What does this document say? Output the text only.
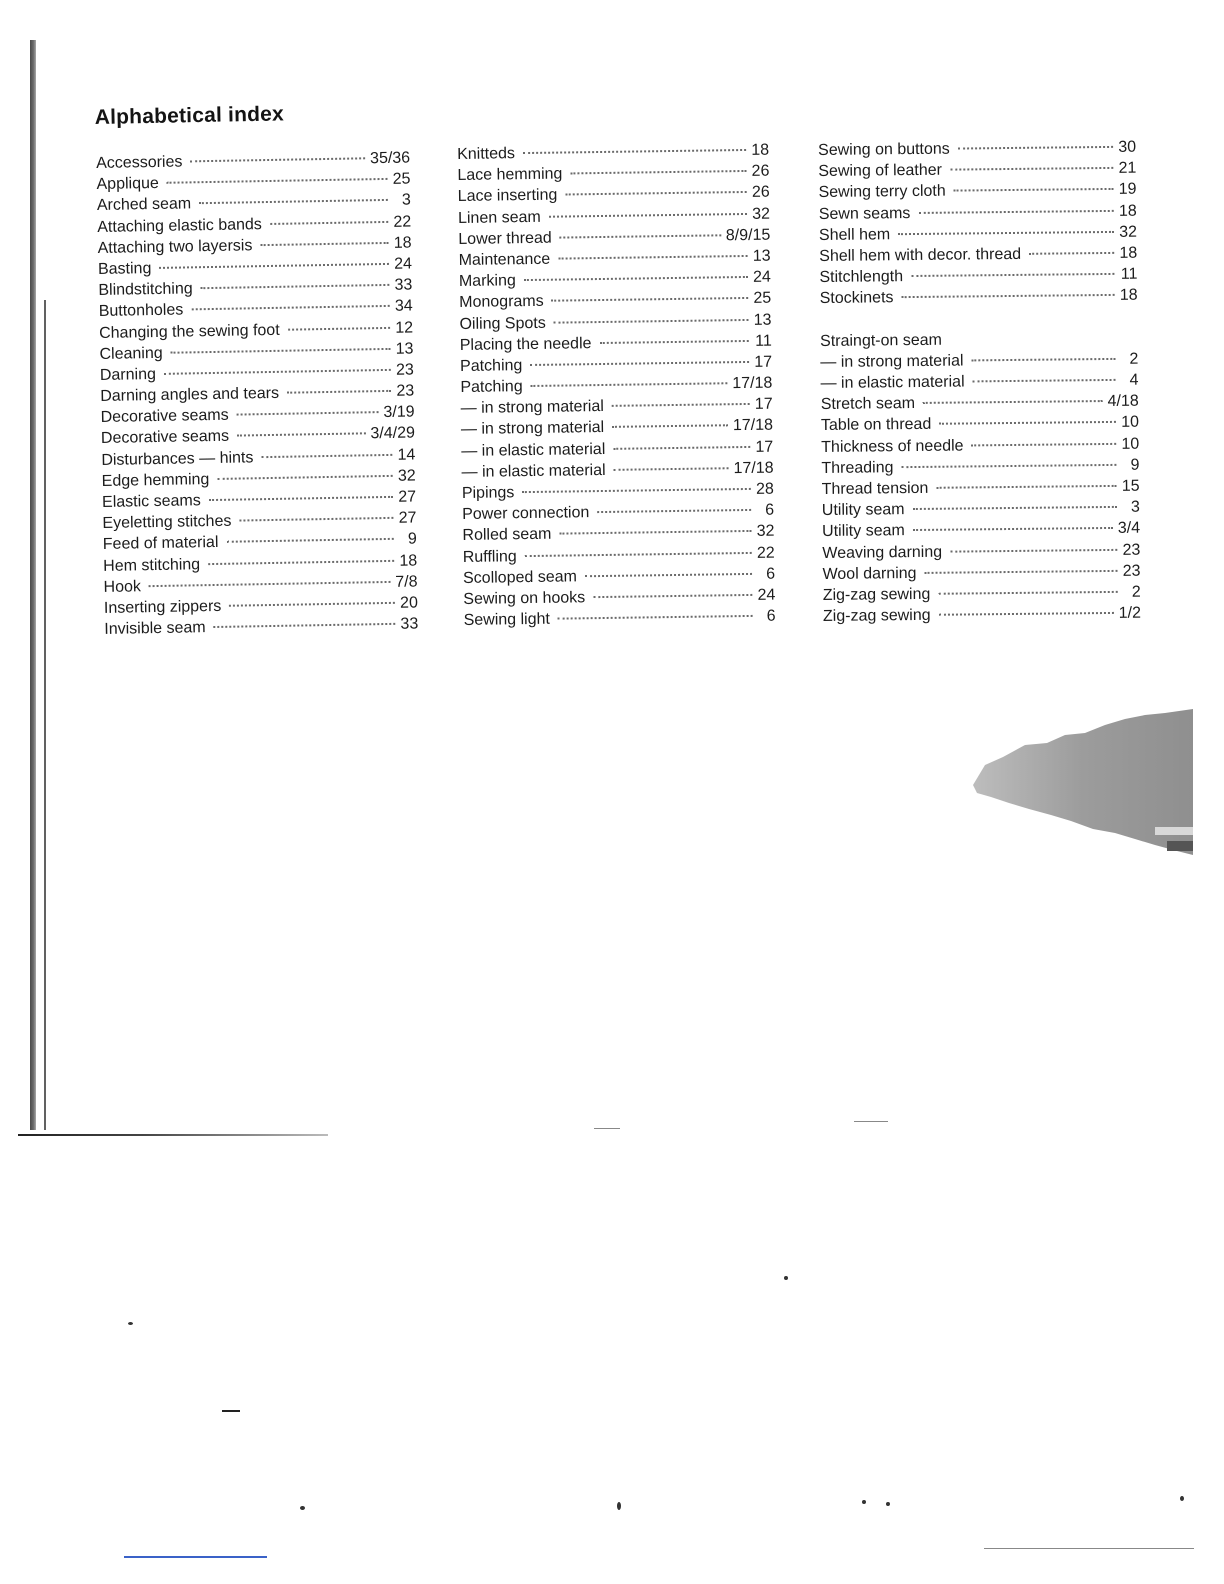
Alphabetical index
Accessories	35/36
Applique	25
Arched seam	3
Attaching elastic bands	22
Attaching two layersis	18
Basting	24
Blindstitching	33
Buttonholes	34
Changing the sewing foot	12
Cleaning	13
Darning	23
Darning angles and tears	23
Decorative seams	3/19
Decorative seams	3/4/29
Disturbances — hints	14
Edge hemming	32
Elastic seams	27
Eyeletting stitches	27
Feed of material	9
Hem stitching	18
Hook	7/8
Inserting zippers	20
Invisible seam	33
Knitteds	18
Lace hemming	26
Lace inserting	26
Linen seam	32
Lower thread	8/9/15
Maintenance	13
Marking	24
Monograms	25
Oiling Spots	13
Placing the needle	11
Patching	17
Patching	17/18
— in strong material	17
— in strong material	17/18
— in elastic material	17
— in elastic material	17/18
Pipings	28
Power connection	6
Rolled seam	32
Ruffling	22
Scolloped seam	6
Sewing on hooks	24
Sewing light	6
Sewing on buttons	30
Sewing of leather	21
Sewing terry cloth	19
Sewn seams	18
Shell hem	32
Shell hem with decor. thread	18
Stitchlength	11
Stockinets	18
Straingt-on seam
— in strong material	2
— in elastic material	4
Stretch seam	4/18
Table on thread	10
Thickness of needle	10
Threading	9
Thread tension	15
Utility seam	3
Utility seam	3/4
Weaving darning	23
Wool darning	23
Zig-zag sewing	2
Zig-zag sewing	1/2
